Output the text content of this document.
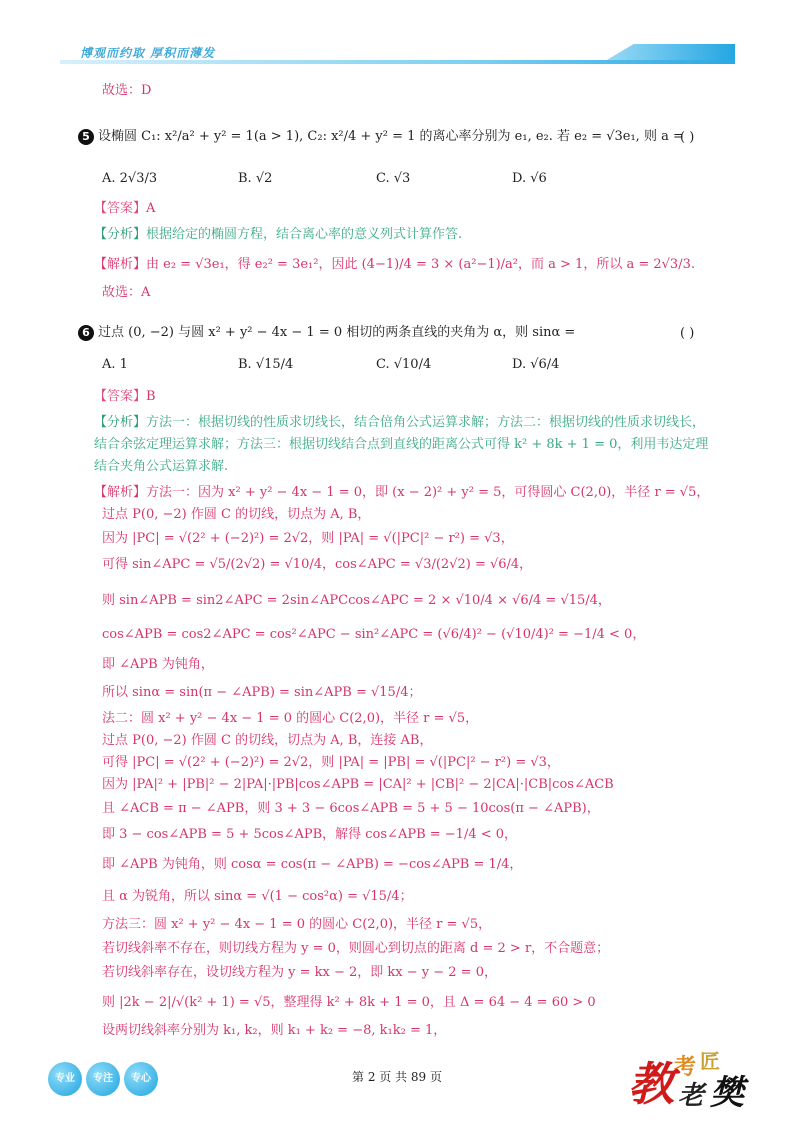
博观而约取 厚积而薄发
故选：D
5 设椭圆 C₁: x²/a² + y² = 1(a > 1), C₂: x²/4 + y² = 1 的离心率分别为 e₁, e₂. 若 e₂ = √3e₁, 则 a =
( )
A. 2√3/3	B. √2	C. √3	D. √6
【答案】A
【分析】根据给定的椭圆方程，结合离心率的意义列式计算作答.
【解析】由 e₂ = √3e₁，得 e₂² = 3e₁²，因此 (4−1)/4 = 3 × (a²−1)/a²，而 a > 1，所以 a = 2√3/3.
故选：A
6 过点 (0, −2) 与圆 x² + y² − 4x − 1 = 0 相切的两条直线的夹角为 α，则 sinα =	( )
A. 1	B. √15/4	C. √10/4	D. √6/4
【答案】B
【分析】方法一：根据切线的性质求切线长，结合倍角公式运算求解；方法二：根据切线的性质求切线长，
结合余弦定理运算求解；方法三：根据切线结合点到直线的距离公式可得 k² + 8k + 1 = 0，利用韦达定理
结合夹角公式运算求解.
【解析】方法一：因为 x² + y² − 4x − 1 = 0，即 (x − 2)² + y² = 5，可得圆心 C(2,0)，半径 r = √5，
过点 P(0, −2) 作圆 C 的切线，切点为 A, B，
因为 |PC| = √(2² + (−2)²) = 2√2，则 |PA| = √(|PC|² − r²) = √3，
可得 sin∠APC = √5/(2√2) = √10/4，cos∠APC = √3/(2√2) = √6/4，
则 sin∠APB = sin2∠APC = 2sin∠APCcos∠APC = 2 × √10/4 × √6/4 = √15/4，
cos∠APB = cos2∠APC = cos²∠APC − sin²∠APC = (√6/4)² − (√10/4)² = −1/4 < 0，
即 ∠APB 为钝角，
所以 sinα = sin(π − ∠APB) = sin∠APB = √15/4；
法二：圆 x² + y² − 4x − 1 = 0 的圆心 C(2,0)，半径 r = √5，
过点 P(0, −2) 作圆 C 的切线，切点为 A, B，连接 AB，
可得 |PC| = √(2² + (−2)²) = 2√2，则 |PA| = |PB| = √(|PC|² − r²) = √3，
因为 |PA|² + |PB|² − 2|PA|·|PB|cos∠APB = |CA|² + |CB|² − 2|CA|·|CB|cos∠ACB
且 ∠ACB = π − ∠APB，则 3 + 3 − 6cos∠APB = 5 + 5 − 10cos(π − ∠APB)，
即 3 − cos∠APB = 5 + 5cos∠APB，解得 cos∠APB = −1/4 < 0，
即 ∠APB 为钝角，则 cosα = cos(π − ∠APB) = −cos∠APB = 1/4，
且 α 为锐角，所以 sinα = √(1 − cos²α) = √15/4；
方法三：圆 x² + y² − 4x − 1 = 0 的圆心 C(2,0)，半径 r = √5，
若切线斜率不存在，则切线方程为 y = 0，则圆心到切点的距离 d = 2 > r，不合题意；
若切线斜率存在，设切线方程为 y = kx − 2，即 kx − y − 2 = 0，
则 |2k − 2|/√(k² + 1) = √5，整理得 k² + 8k + 1 = 0，且 Δ = 64 − 4 = 60 > 0
设两切线斜率分别为 k₁, k₂，则 k₁ + k₂ = −8, k₁k₂ = 1，
专业	专注	专心	第 2 页 共 89 页	教 考 匠
老 樊
